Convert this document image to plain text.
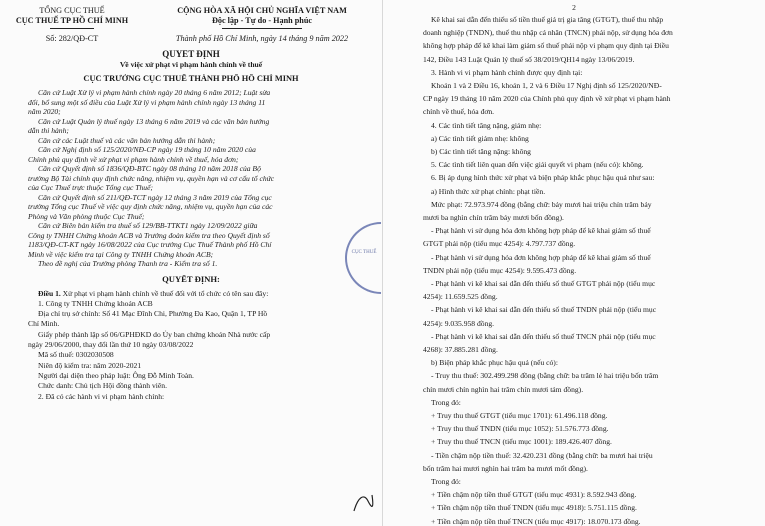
TỔNG CỤC THUẾ
CỤC THUẾ TP HỒ CHÍ MINH
Số: 282/QĐ-CT
CỘNG HÒA XÃ HỘI CHỦ NGHĨA VIỆT NAM
Độc lập - Tự do - Hạnh phúc
Thành phố Hồ Chí Minh, ngày 14 tháng 9 năm 2022
QUYẾT ĐỊNH
Về việc xử phạt vi phạm hành chính về thuế
CỤC TRƯỞNG CỤC THUẾ THÀNH PHỐ HỒ CHÍ MINH
Căn cứ Luật Xử lý vi phạm hành chính ngày 20 tháng 6 năm 2012; Luật sửa
đổi, bổ sung một số điều của Luật Xử lý vi phạm hành chính ngày 13 tháng 11
năm 2020;
Căn cứ Luật Quản lý thuế ngày 13 tháng 6 năm 2019 và các văn bản hướng
dẫn thi hành;
Căn cứ các Luật thuế và các văn bản hướng dẫn thi hành;
Căn cứ Nghị định số 125/2020/NĐ-CP ngày 19 tháng 10 năm 2020 của
Chính phủ quy định về xử phạt vi phạm hành chính về thuế, hóa đơn;
Căn cứ Quyết định số 1836/QĐ-BTC ngày 08 tháng 10 năm 2018 của Bộ
trưởng Bộ Tài chính quy định chức năng, nhiệm vụ, quyền hạn và cơ cấu tổ chức
của Cục Thuế trực thuộc Tổng cục Thuế;
Căn cứ Quyết định số 211/QĐ-TCT ngày 12 tháng 3 năm 2019 của Tổng cục
trưởng Tổng cục Thuế về việc quy định chức năng, nhiệm vụ, quyền hạn của các
Phòng và Văn phòng thuộc Cục Thuế;
Căn cứ Biên bản kiểm tra thuế số 129/BB-TTKT1 ngày 12/09/2022 giữa
Công ty TNHH Chứng khoán ACB và Trưởng đoàn kiểm tra theo Quyết định số
1183/QĐ-CT-KT ngày 16/08/2022 của Cục trưởng Cục Thuế Thành phố Hồ Chí
Minh về việc kiểm tra tại Công ty TNHH Chứng khoán ACB;
Theo đề nghị của Trưởng phòng Thanh tra - Kiểm tra số 1.
QUYẾT ĐỊNH:
Điều 1. Xử phạt vi phạm hành chính về thuế đối với tổ chức có tên sau đây:
1. Công ty TNHH Chứng khoán ACB
Địa chỉ trụ sở chính: Số 41 Mạc Đĩnh Chi, Phường Đa Kao, Quận 1, TP Hồ
Chí Minh.
Giấy phép thành lập số 06/GPHĐKD do Ủy ban chứng khoán Nhà nước cấp
ngày 29/06/2000, thay đổi lần thứ 10 ngày 03/08/2022
Mã số thuế: 0302030508
Niên độ kiểm tra: năm 2020-2021
Người đại diện theo pháp luật: Ông Đỗ Minh Toàn.
Chức danh: Chủ tịch Hội đồng thành viên.
2. Đã có các hành vi vi phạm hành chính:
CỤC THUẾ
2
Kê khai sai dẫn đến thiếu số tiền thuế giá trị gia tăng (GTGT), thuế thu nhập
doanh nghiệp (TNDN), thuế thu nhập cá nhân (TNCN) phải nộp, sử dụng hóa đơn
không hợp pháp để kê khai làm giảm số thuế phải nộp vi phạm quy định tại Điều
142, Điều 143 Luật Quản lý thuế số 38/2019/QH14 ngày 13/06/2019.
3. Hành vi vi phạm hành chính được quy định tại:
Khoản 1 và 2 Điều 16, khoản 1, 2 và 6 Điều 17 Nghị định số 125/2020/NĐ-
CP ngày 19 tháng 10 năm 2020 của Chính phủ quy định về xử phạt vi phạm hành
chính về thuế, hóa đơn.
4. Các tình tiết tăng nặng, giảm nhẹ:
a) Các tình tiết giảm nhẹ: không
b) Các tình tiết tăng nặng: không
5. Các tình tiết liên quan đến việc giải quyết vi phạm (nếu có): không.
6. Bị áp dụng hình thức xử phạt và biện pháp khắc phục hậu quả như sau:
a) Hình thức xử phạt chính: phạt tiền.
Mức phạt: 72.973.974 đồng (bằng chữ: bảy mươi hai triệu chín trăm bảy
mươi ba nghìn chín trăm bảy mươi bốn đồng).
- Phạt hành vi sử dụng hóa đơn không hợp pháp để kê khai giảm số thuế
GTGT phải nộp (tiểu mục 4254): 4.797.737 đồng.
- Phạt hành vi sử dụng hóa đơn không hợp pháp để kê khai giảm số thuế
TNDN phải nộp (tiểu mục 4254): 9.595.473 đồng.
- Phạt hành vi kê khai sai dẫn đến thiếu số thuế GTGT phải nộp (tiểu mục
4254): 11.659.525 đồng.
- Phạt hành vi kê khai sai dẫn đến thiếu số thuế TNDN phải nộp (tiểu mục
4254): 9.035.958 đồng.
- Phạt hành vi kê khai sai dẫn đến thiếu số thuế TNCN phải nộp (tiểu mục
4268): 37.885.281 đồng.
b) Biện pháp khắc phục hậu quả (nếu có):
- Truy thu thuế: 302.499.298 đồng (bằng chữ: ba trăm lẻ hai triệu bốn trăm
chín mươi chín nghìn hai trăm chín mươi tám đồng).
Trong đó:
+ Truy thu thuế GTGT (tiểu mục 1701): 61.496.118 đồng.
+ Truy thu thuế TNDN (tiểu mục 1052): 51.576.773 đồng.
+ Truy thu thuế TNCN (tiểu mục 1001): 189.426.407 đồng.
- Tiền chậm nộp tiền thuế: 32.420.231 đồng (bằng chữ: ba mươi hai triệu
bốn trăm hai mươi nghìn hai trăm ba mươi mốt đồng).
Trong đó:
+ Tiền chậm nộp tiền thuế GTGT (tiểu mục 4931): 8.592.943 đồng.
+ Tiền chậm nộp tiền thuế TNDN (tiểu mục 4918): 5.751.115 đồng.
+ Tiền chậm nộp tiền thuế TNCN (tiểu mục 4917): 18.070.173 đồng.
